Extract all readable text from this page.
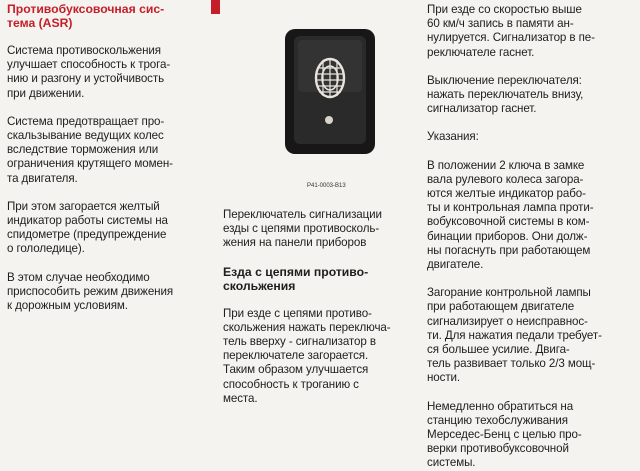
Противобуксовочная сис-
тема (ASR)

Система противоскольжения
улучшает способность к трога-
нию и разгону и устойчивость
при движении.

Система предотвращает про-
скальзывание ведущих колес
вследствие торможения или
ограничения крутящего момен-
та двигателя.

При этом загорается желтый
индикатор работы системы на
спидометре (предупреждение
о гололедице).

В этом случае необходимо
приспособить режим движения
к дорожным условиям.

P41-0003-B13

Переключатель сигнализации
езды с цепями противосколь-
жения на панели приборов

Езда с цепями противо-
скольжения

При езде с цепями противо-
скольжения нажать переключа-
тель вверху - сигнализатор в
переключателе загорается.
Таким образом улучшается
способность к троганию с
места.

При езде со скоростью выше
60 км/ч запись в памяти ан-
нулируется. Сигнализатор в пе-
реключателе гаснет.

Выключение переключателя:
нажать переключатель внизу,
сигнализатор гаснет.

Указания:

В положении 2 ключа в замке
вала рулевого колеса загора-
ются желтые индикатор рабо-
ты и контрольная лампа проти-
вобуксовочной системы в ком-
бинации приборов. Они долж-
ны погаснуть при работающем
двигателе.

Загорание контрольной лампы
при работающем двигателе
сигнализирует о неисправнос-
ти. Для нажатия педали требует-
ся большее усилие. Двига-
тель развивает только 2/3 мощ-
ности.

Немедленно обратиться на
станцию техобслуживания
Мерседес-Бенц с целью про-
верки противобуксовочной
системы.
